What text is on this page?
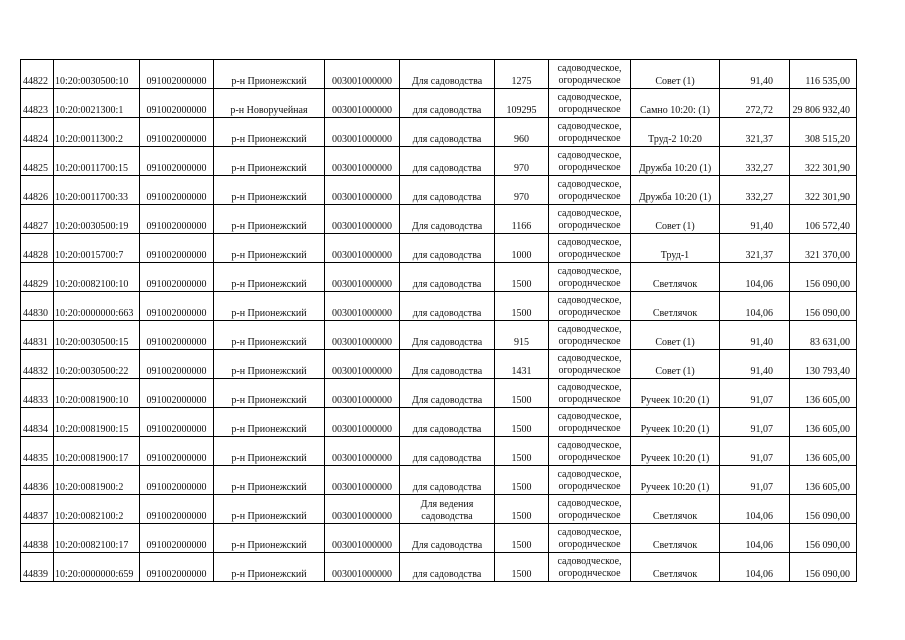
44822	10:20:0030500:10	091002000000	р-н Прионежский	003001000000	Для садоводства	1275	садоводческое, огороднческое	Совет (1)	91,40	116 535,00
44823	10:20:0021300:1	091002000000	р-н Новоручейная	003001000000	для садоводства	109295	садоводческое, огороднческое	Самно 10:20: (1)	272,72	29 806 932,40
44824	10:20:0011300:2	091002000000	р-н Прионежский	003001000000	для садоводства	960	садоводческое, огороднческое	Труд-2 10:20	321,37	308 515,20
44825	10:20:0011700:15	091002000000	р-н Прионежский	003001000000	для садоводства	970	садоводческое, огороднческое	Дружба 10:20 (1)	332,27	322 301,90
44826	10:20:0011700:33	091002000000	р-н Прионежский	003001000000	для садоводства	970	садоводческое, огороднческое	Дружба 10:20 (1)	332,27	322 301,90
44827	10:20:0030500:19	091002000000	р-н Прионежский	003001000000	Для садоводства	1166	садоводческое, огороднческое	Совет (1)	91,40	106 572,40
44828	10:20:0015700:7	091002000000	р-н Прионежский	003001000000	для садоводства	1000	садоводческое, огороднческое	Труд-1	321,37	321 370,00
44829	10:20:0082100:10	091002000000	р-н Прионежский	003001000000	для садоводства	1500	садоводческое, огороднческое	Светлячок	104,06	156 090,00
44830	10:20:0000000:663	091002000000	р-н Прионежский	003001000000	для садоводства	1500	садоводческое, огороднческое	Светлячок	104,06	156 090,00
44831	10:20:0030500:15	091002000000	р-н Прионежский	003001000000	Для садоводства	915	садоводческое, огороднческое	Совет (1)	91,40	83 631,00
44832	10:20:0030500:22	091002000000	р-н Прионежский	003001000000	Для садоводства	1431	садоводческое, огороднческое	Совет (1)	91,40	130 793,40
44833	10:20:0081900:10	091002000000	р-н Прионежский	003001000000	Для садоводства	1500	садоводческое, огороднческое	Ручеек 10:20 (1)	91,07	136 605,00
44834	10:20:0081900:15	091002000000	р-н Прионежский	003001000000	для садоводства	1500	садоводческое, огороднческое	Ручеек 10:20 (1)	91,07	136 605,00
44835	10:20:0081900:17	091002000000	р-н Прионежский	003001000000	для садоводства	1500	садоводческое, огороднческое	Ручеек 10:20 (1)	91,07	136 605,00
44836	10:20:0081900:2	091002000000	р-н Прионежский	003001000000	для садоводства	1500	садоводческое, огороднческое	Ручеек 10:20 (1)	91,07	136 605,00
44837	10:20:0082100:2	091002000000	р-н Прионежский	003001000000	Для ведения садоводства	1500	садоводческое, огороднческое	Светлячок	104,06	156 090,00
44838	10:20:0082100:17	091002000000	р-н Прионежский	003001000000	Для садоводства	1500	садоводческое, огороднческое	Светлячок	104,06	156 090,00
44839	10:20:0000000:659	091002000000	р-н Прионежский	003001000000	для садоводства	1500	садоводческое, огороднческое	Светлячок	104,06	156 090,00
